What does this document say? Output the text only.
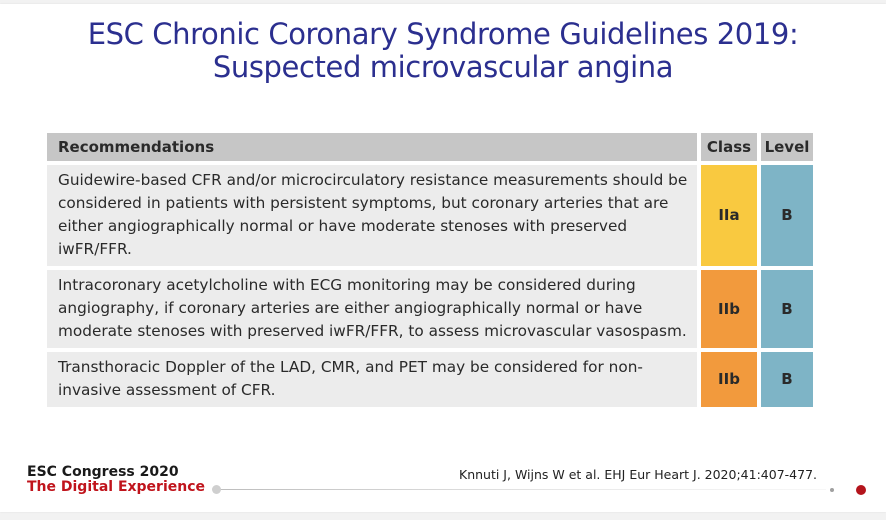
ESC Chronic Coronary Syndrome Guidelines 2019:
Suspected microvascular angina
Recommendations	Class	Level
Guidewire-based CFR and/or microcirculatory resistance measurements should be considered in patients with persistent symptoms, but coronary arteries that are either angiographically normal or have moderate stenoses with preserved iwFR/FFR.	IIa	B
Intracoronary acetylcholine with ECG monitoring may be considered during angiography, if coronary arteries are either angiographically normal or have moderate stenoses with preserved iwFR/FFR, to assess microvascular vasospasm.	IIb	B
Transthoracic Doppler of the LAD, CMR, and PET may be considered for non-invasive assessment of CFR.	IIb	B
ESC Congress 2020
The Digital Experience
Knnuti J, Wijns W et al. EHJ Eur Heart J. 2020;41:407-477.
